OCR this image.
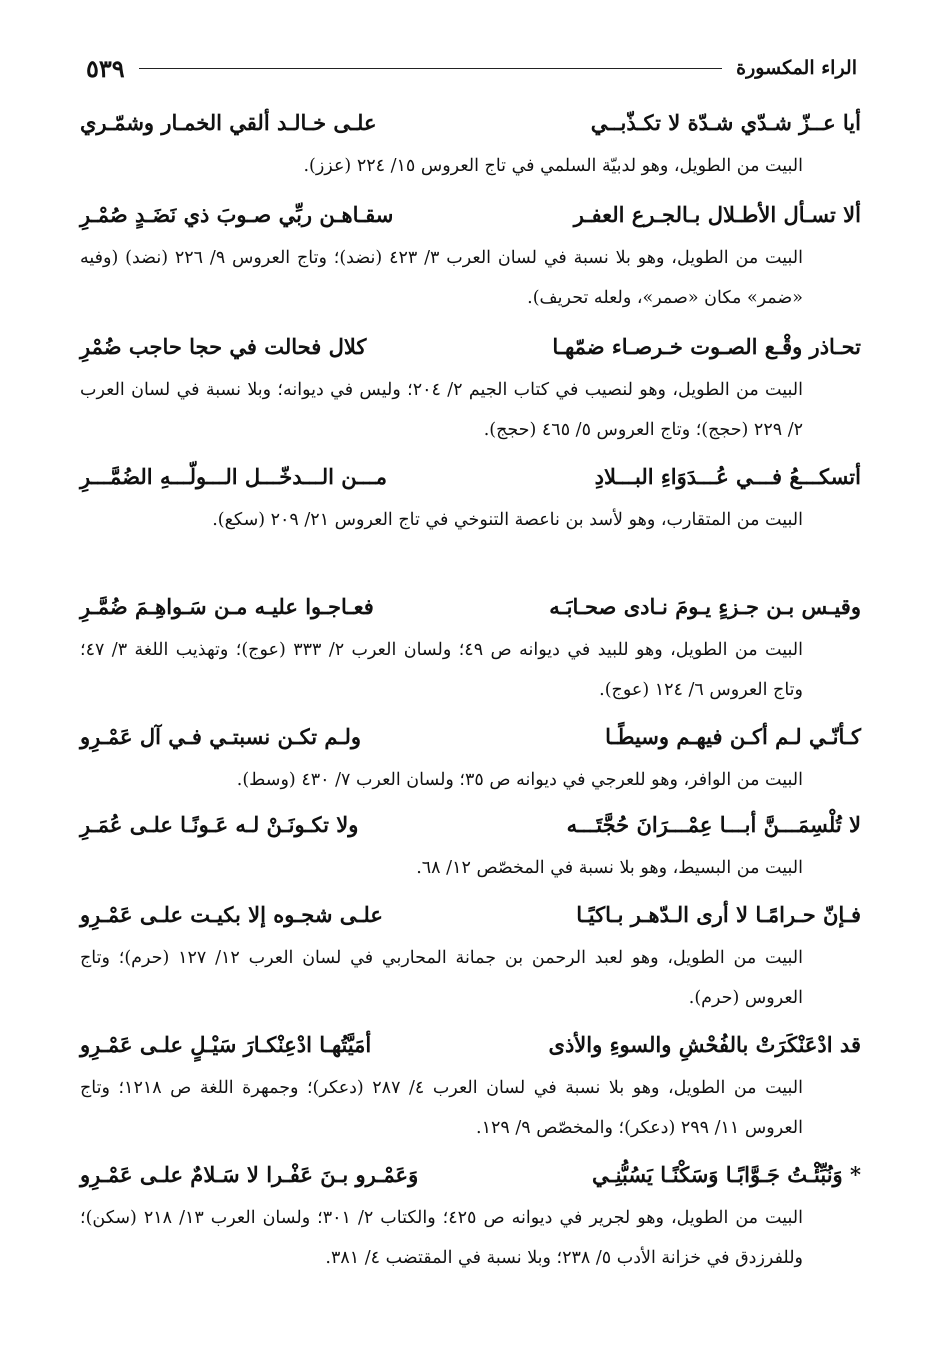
الراء المكسورة
٥٣٩
أيا عــزّ شـدّي شـدّة لا تكـذّبــي
علـى خـالـد ألقي الخمـار وشمّـري
البيت من الطويل، وهو لدبيّة السلمي في تاج العروس ١٥/ ٢٢٤ (عزز).
ألا تسـأل الأطـلال بـالجـرع العفـر
سقـاهـن ربِّي صـوبَ ذي نَضَـدٍ صُمْـرِ
البيت من الطويل، وهو بلا نسبة في لسان العرب ٣/ ٤٢٣ (نضد)؛ وتاج العروس ٩/ ٢٢٦ (نضد) (وفيه «ضمر» مكان «صمر»، ولعله تحريف).
تحـاذر وقْـع الصـوت خـرصـاء ضمّهـا
كلال فحالت في حجا حاجب ضُمْرِ
البيت من الطويل، وهو لنصيب في كتاب الجيم ٢/ ٢٠٤؛ وليس في ديوانه؛ وبلا نسبة في لسان العرب ٢/ ٢٢٩ (حجج)؛ وتاج العروس ٥/ ٤٦٥ (حجج).
أتسكـــعُ فـــي عُـــدَوَاءِ البـــلادِ
مـــن الـــدخّـــل الـــولّـــهِ الضُمَّـــرِ
البيت من المتقارب، وهو لأسد بن ناعصة التنوخي في تاج العروس ٢١/ ٢٠٩ (سكع).
وقيـس بـن جـزءٍ يـومَ نـادى صحـابَـه
فعـاجـوا عليـه مـن سَـواهِـمَ ضُمَّـرِ
البيت من الطويل، وهو للبيد في ديوانه ص ٤٩؛ ولسان العرب ٢/ ٣٣٣ (عوج)؛ وتهذيب اللغة ٣/ ٤٧؛ وتاج العروس ٦/ ١٢٤ (عوج).
كـأنّـي لـم أكـن فيهـم وسيطًـا
ولـم تكـن نسبتـي فـي آل عَمْـرِو
البيت من الوافر، وهو للعرجي في ديوانه ص ٣٥؛ ولسان العرب ٧/ ٤٣٠ (وسط).
لا تُلْسِمَـــنَّ أبـــا عِمْـــرَانَ حُجَّتَـــه
ولا تكـونَـنْ لـه عَـونًـا علـى عُمَـرِ
البيت من البسيط، وهو بلا نسبة في المخصّص ١٢/ ٦٨.
فـإنّ حـرامًـا لا أرى الـدّهـر بـاكيًـا
علـى شجـوه إلا بكيـت علـى عَمْـرِو
البيت من الطويل، وهو لعبد الرحمن بن جمانة المحاربي في لسان العرب ١٢/ ١٢٧ (حرم)؛ وتاج العروس (حرم).
قد ادْعَنْكَرَتْ بالفُحْشِ والسوءِ والأذى
أمَيَّتُهـا ادْعِنْكـارَ سَيْـلٍ علـى عَمْـرِو
البيت من الطويل، وهو بلا نسبة في لسان العرب ٤/ ٢٨٧ (دعكر)؛ وجمهرة اللغة ص ١٢١٨؛ وتاج العروس ١١/ ٢٩٩ (دعكر)؛ والمخصّص ٩/ ١٢٩.
* وَنُبِّئْـتُ جَـوَّابًـا وَسَكْنًـا يَسُبُّنِـي
وَعَمْـرو بـنَ عَفْـرا لا سَـلامٌ علـى عَمْـرِو
البيت من الطويل، وهو لجرير في ديوانه ص ٤٢٥؛ والكتاب ٢/ ٣٠١؛ ولسان العرب ١٣/ ٢١٨ (سكن)؛ وللفرزدق في خزانة الأدب ٥/ ٢٣٨؛ وبلا نسبة في المقتضب ٤/ ٣٨١.
